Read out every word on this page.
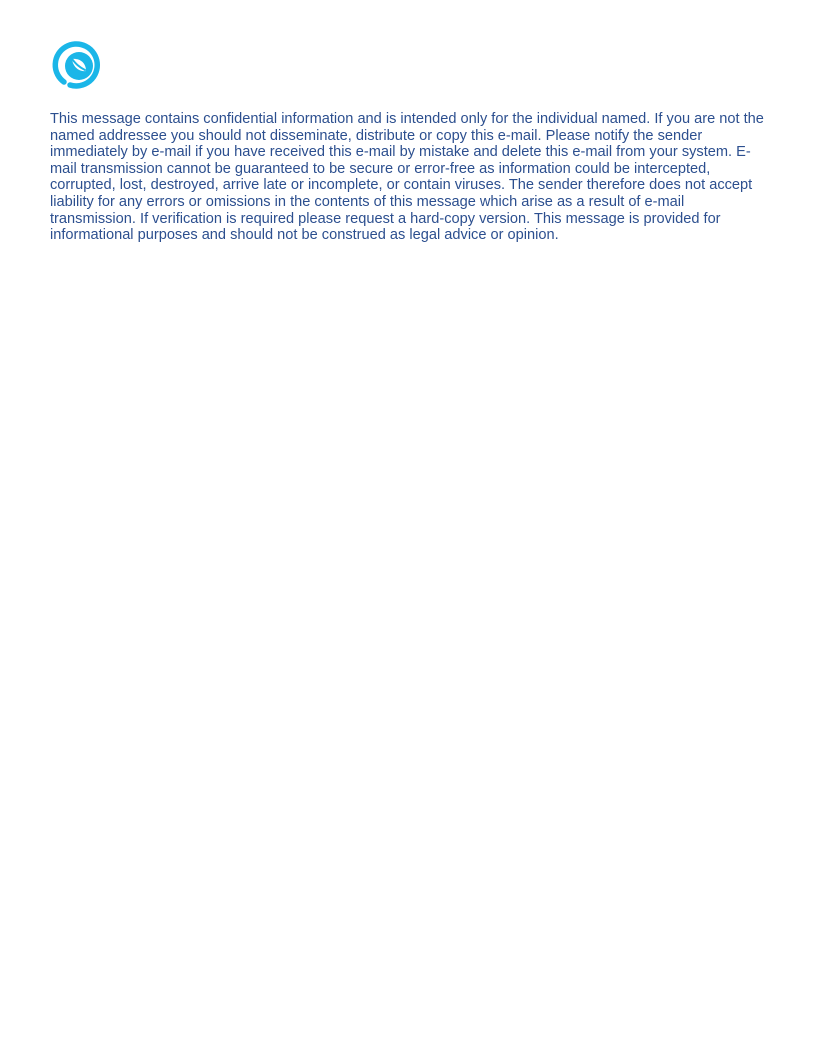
This message contains confidential information and is intended only for the individual named. If you are not the named addressee you should not disseminate, distribute or copy this e-mail. Please notify the sender immediately by e-mail if you have received this e-mail by mistake and delete this e-mail from your system. E-mail transmission cannot be guaranteed to be secure or error-free as information could be intercepted, corrupted, lost, destroyed, arrive late or incomplete, or contain viruses. The sender therefore does not accept liability for any errors or omissions in the contents of this message which arise as a result of e-mail transmission. If verification is required please request a hard-copy version. This message is provided for informational purposes and should not be construed as legal advice or opinion.
